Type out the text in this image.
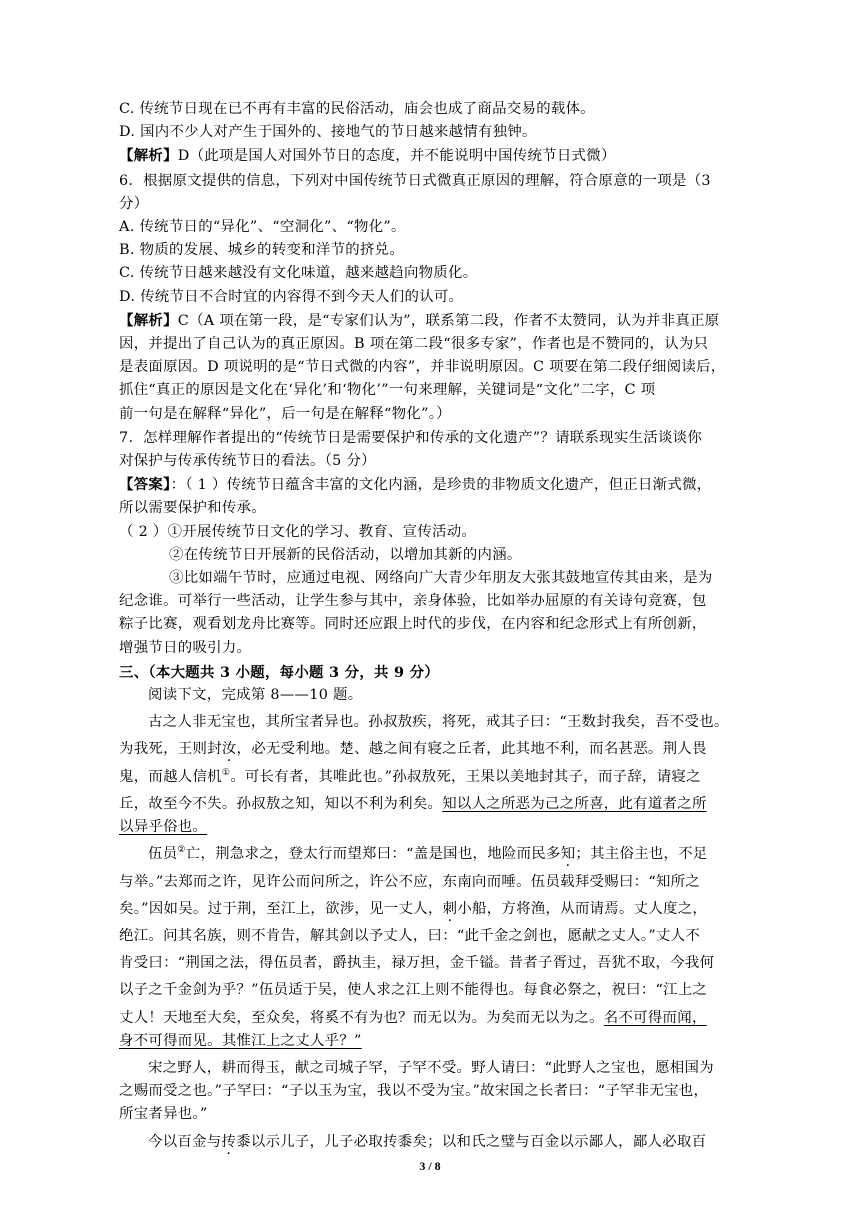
C. 传统节日现在已不再有丰富的民俗活动，庙会也成了商品交易的载体。
D. 国内不少人对产生于国外的、接地气的节日越来越情有独钟。
【解析】D（此项是国人对国外节日的态度，并不能说明中国传统节日式微）
6．根据原文提供的信息，下列对中国传统节日式微真正原因的理解，符合原意的一项是（3
分）
A. 传统节日的“异化”、“空洞化”、“物化”。
B. 物质的发展、城乡的转变和洋节的挤兑。
C. 传统节日越来越没有文化味道，越来越趋向物质化。
D. 传统节日不合时宜的内容得不到今天人们的认可。
【解析】C（A 项在第一段，是“专家们认为”，联系第二段，作者不太赞同，认为并非真正原
因，并提出了自己认为的真正原因。B 项在第二段“很多专家”，作者也是不赞同的，认为只
是表面原因。D 项说明的是“节日式微的内容”，并非说明原因。C 项要在第二段仔细阅读后，
抓住“真正的原因是文化在‘异化’和‘物化’”一句来理解，关键词是“文化”二字，C 项
前一句是在解释“异化”，后一句是在解释“物化”。）
7．怎样理解作者提出的“传统节日是需要保护和传承的文化遗产”？请联系现实生活谈谈你
对保护与传承传统节日的看法。（5 分）
【答案】：（ 1 ）传统节日蕴含丰富的文化内涵，是珍贵的非物质文化遗产，但正日渐式微，
所以需要保护和传承。
（ 2 ）①开展传统节日文化的学习、教育、宣传活动。
②在传统节日开展新的民俗活动，以增加其新的内涵。
③比如端午节时，应通过电视、网络向广大青少年朋友大张其鼓地宣传其由来，是为
纪念谁。可举行一些活动，让学生参与其中，亲身体验，比如举办屈原的有关诗句竞赛，包
粽子比赛，观看划龙舟比赛等。同时还应跟上时代的步伐，在内容和纪念形式上有所创新，
增强节日的吸引力。
三、（本大题共 3 小题，每小题 3 分，共 9 分）
阅读下文，完成第 8——10 题。
古之人非无宝也，其所宝者异也。孙叔敖疾，将死，戒其子曰：“王数封我矣，吾不受也。
为我死，王则封汝，必无受利地。楚、越之间有寝之丘者，此其地不利，而名甚恶。荆人畏
鬼，而越人信机①。可长有者，其唯此也。”孙叔敖死，王果以美地封其子，而子辞，请寝之
丘，故至今不失。孙叔敖之知，知以不利为利矣。知以人之所恶为己之所喜，此有道者之所
以异乎俗也。
伍员②亡，荆急求之，登太行而望郑曰：“盖是国也，地险而民多知；其主俗主也，不足
与举。”去郑而之许，见许公而问所之，许公不应，东南向而唾。伍员载拜受赐曰：“知所之
矣。”因如吴。过于荆，至江上，欲涉，见一丈人，刺小船，方将渔，从而请焉。丈人度之，
绝江。问其名族，则不肯告，解其剑以予丈人，曰：“此千金之剑也，愿献之丈人。”丈人不
肯受曰：“荆国之法，得伍员者，爵执圭，禄万担，金千镒。昔者子胥过，吾犹不取，今我何
以子之千金剑为乎？”伍员适于吴，使人求之江上则不能得也。每食必祭之，祝曰：“江上之
丈人！天地至大矣，至众矣，将奚不有为也？而无以为。为矣而无以为之。名不可得而闻，
身不可得而见。其惟江上之丈人乎？”
宋之野人，耕而得玉，献之司城子罕，子罕不受。野人请曰：“此野人之宝也，愿相国为
之赐而受之也。”子罕曰：“子以玉为宝，我以不受为宝。”故宋国之长者曰：“子罕非无宝也，
所宝者异也。”
今以百金与抟黍以示儿子，儿子必取抟黍矣；以和氏之璧与百金以示鄙人，鄙人必取百
3 / 8
